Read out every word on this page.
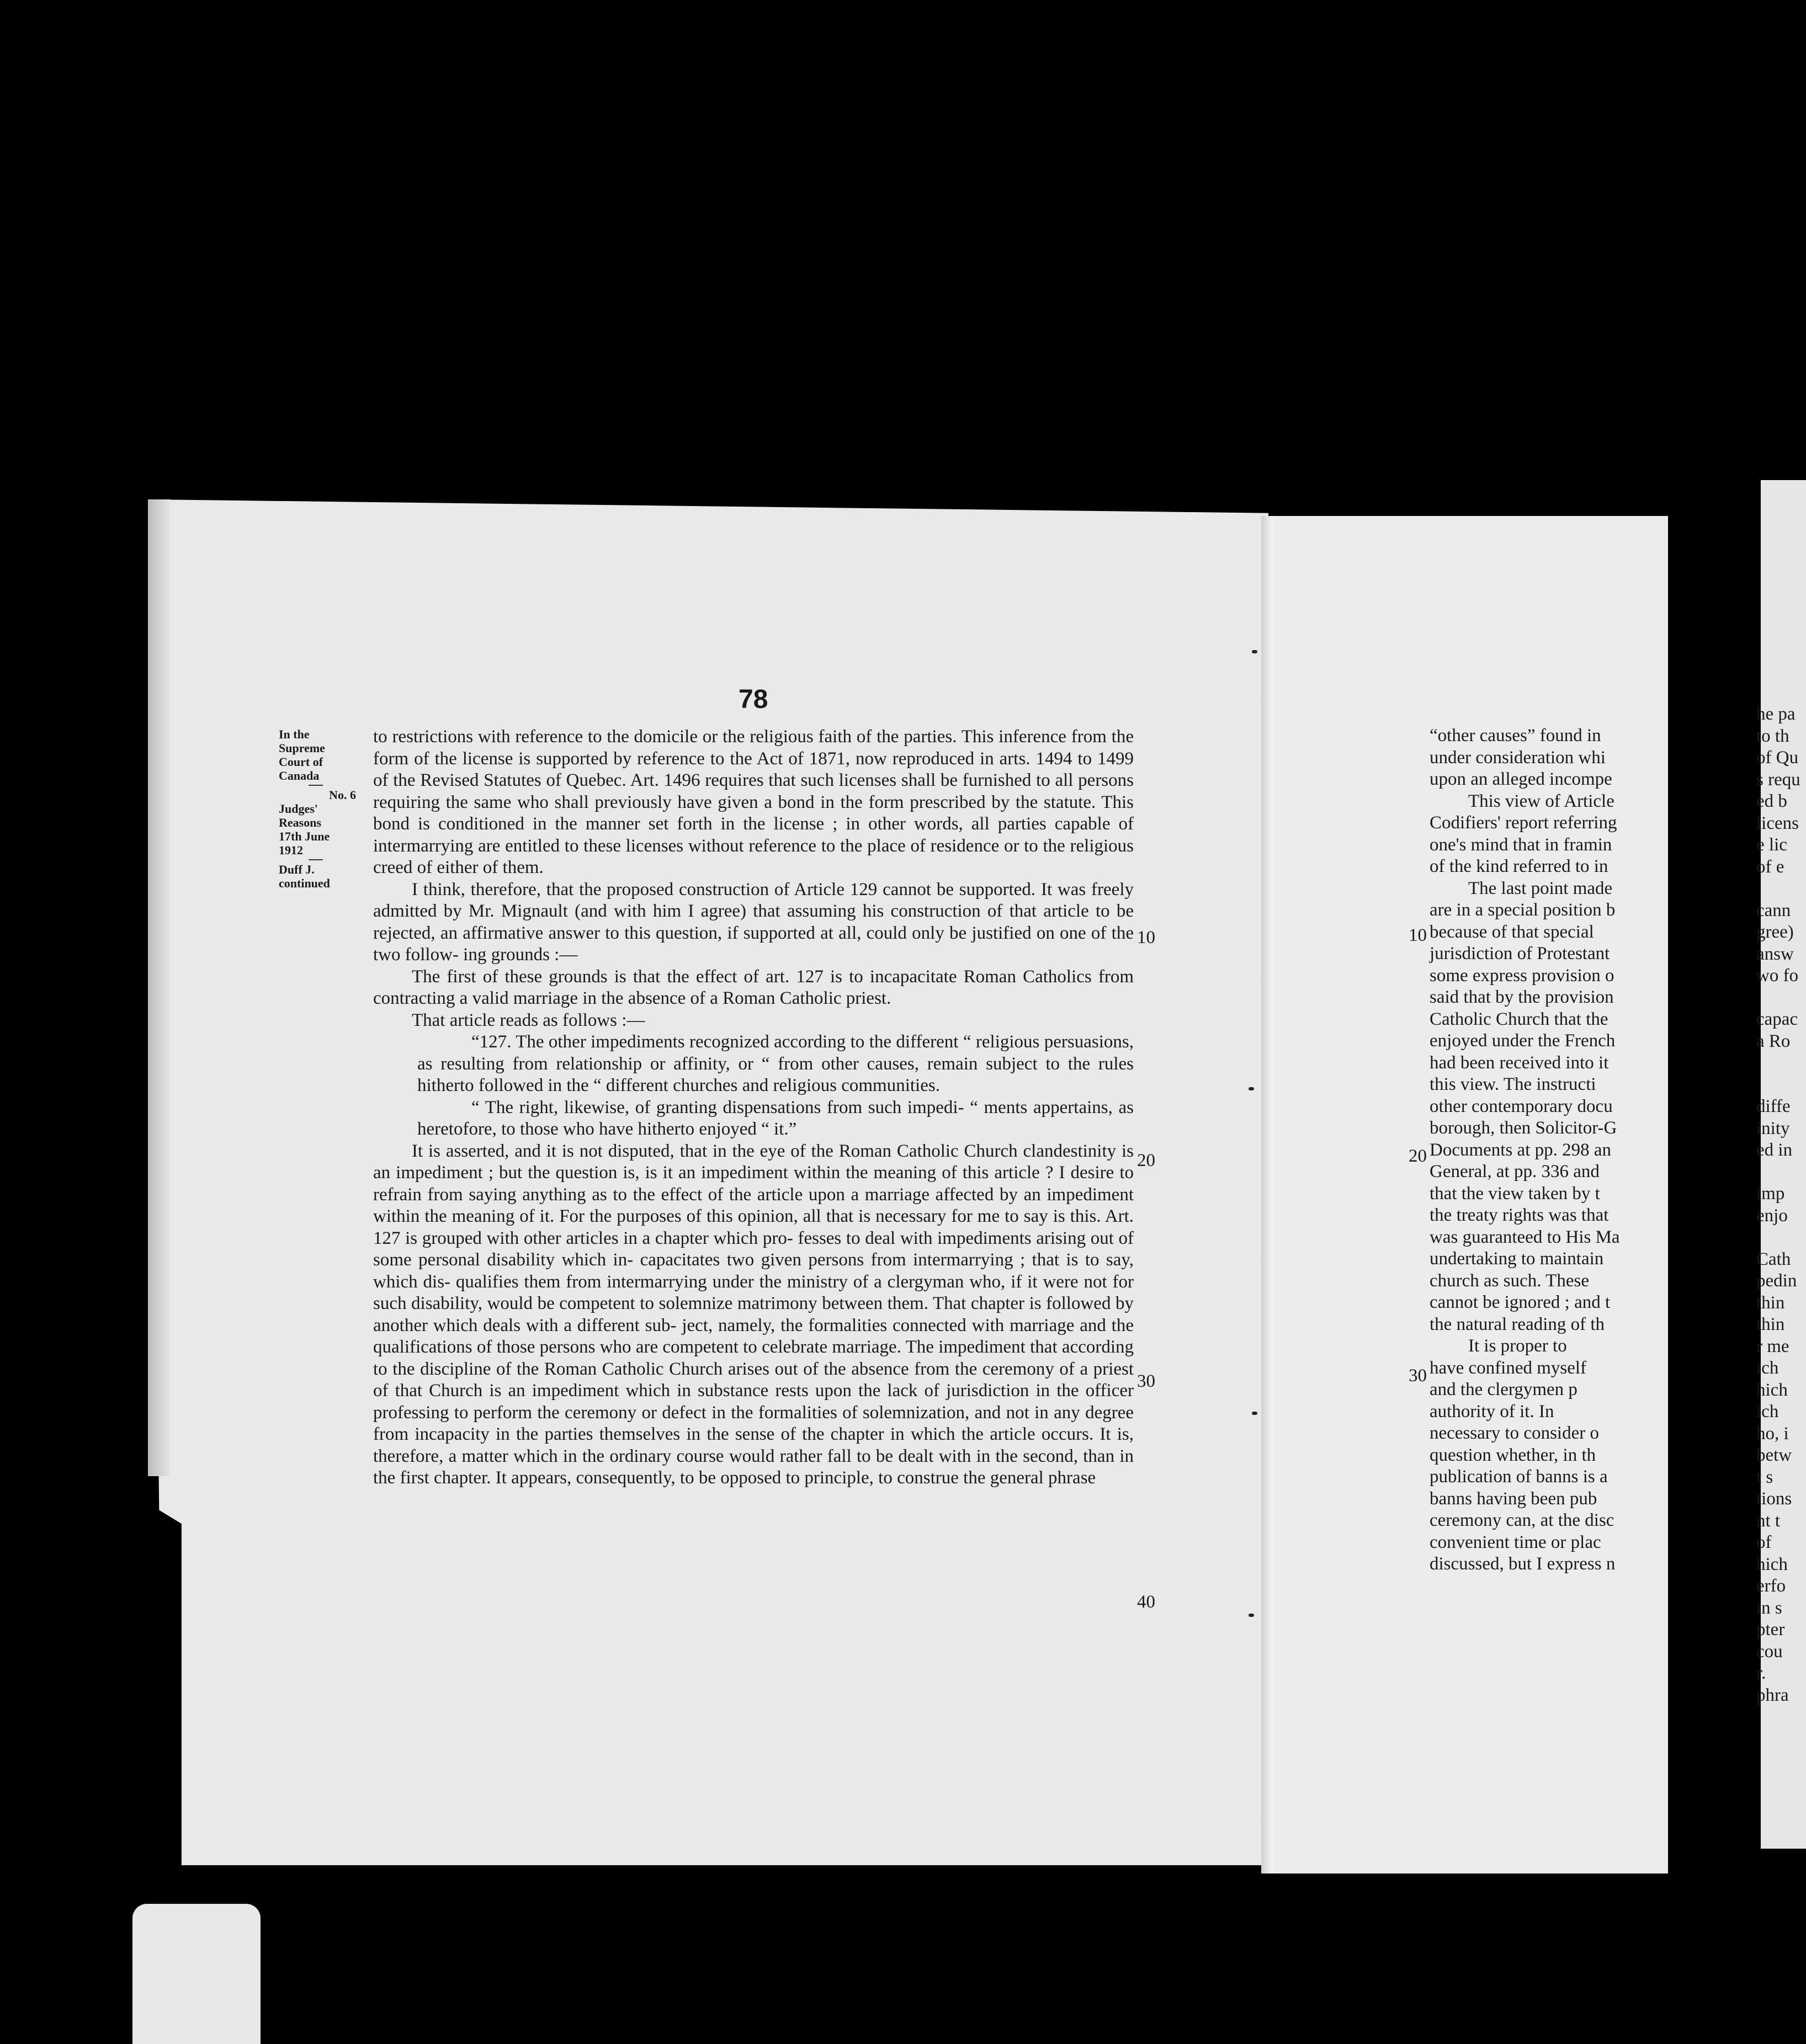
78
In the
Supreme
Court of
Canada
No. 6
Judges'
Reasons
17th June
1912
Duff J.
continued

to restrictions with reference to the domicile or the religious faith of the parties. This inference from the form of the license is supported by reference to the Act of 1871, now reproduced in arts. 1494 to 1499 of the Revised Statutes of Quebec. Art. 1496 requires that such licenses shall be furnished to all persons requiring the same who shall previously have given a bond in the form prescribed by the statute. This bond is conditioned in the manner set forth in the license ; in other words, all parties capable of intermarrying are entitled to these licenses without reference to the place of residence or to the religious creed of either of them.

I think, therefore, that the proposed construction of Article 129 cannot be supported. It was freely admitted by Mr. Mignault (and with him I agree) that assuming his construction of that article to be rejected, an affirmative answer to this question, if supported at all, could only be justified on one of the two follow- ing grounds :—

The first of these grounds is that the effect of art. 127 is to incapacitate Roman Catholics from contracting a valid marriage in the absence of a Roman Catholic priest.

That article reads as follows :—

“127. The other impediments recognized according to the different “ religious persuasions, as resulting from relationship or affinity, or “ from other causes, remain subject to the rules hitherto followed in the “ different churches and religious communities.

“ The right, likewise, of granting dispensations from such impedi- “ ments appertains, as heretofore, to those who have hitherto enjoyed “ it.”

It is asserted, and it is not disputed, that in the eye of the Roman Catholic Church clandestinity is an impediment ; but the question is, is it an impediment within the meaning of this article ? I desire to refrain from saying anything as to the effect of the article upon a marriage affected by an impediment within the meaning of it. For the purposes of this opinion, all that is necessary for me to say is this. Art. 127 is grouped with other articles in a chapter which pro- fesses to deal with impediments arising out of some personal disability which in- capacitates two given persons from intermarrying ; that is to say, which dis- qualifies them from intermarrying under the ministry of a clergyman who, if it were not for such disability, would be competent to solemnize matrimony between them. That chapter is followed by another which deals with a different sub- ject, namely, the formalities connected with marriage and the qualifications of those persons who are competent to celebrate marriage. The impediment that according to the discipline of the Roman Catholic Church arises out of the absence from the ceremony of a priest of that Church is an impediment which in substance rests upon the lack of jurisdiction in the officer professing to perform the ceremony or defect in the formalities of solemnization, and not in any degree from incapacity in the parties themselves in the sense of the chapter in which the article occurs. It is, therefore, a matter which in the ordinary course would rather fall to be dealt with in the second, than in the first chapter. It appears, consequently, to be opposed to principle, to construe the general phrase

10
20
30
40
10
20
30

“other causes” found in

under consideration whi

upon an alleged incompe

This view of Article

Codifiers' report referring

one's mind that in framin

of the kind referred to in

The last point made

are in a special position b

because of that special

jurisdiction of Protestant

some express provision o

said that by the provision

Catholic Church that the

enjoyed under the French

had been received into it

this view. The instructi

other contemporary docu

borough, then Solicitor-G

Documents at pp. 298 an

General, at pp. 336 and

that the view taken by t

the treaty rights was that

was guaranteed to His Ma

undertaking to maintain

church as such. These

cannot be ignored ; and t

the natural reading of th

It is proper to

have confined myself

and the clergymen p

authority of it. In

necessary to consider o

question whether, in th

publication of banns is a

banns having been pub

ceremony can, at the disc

convenient time or plac

discussed, but I express n

he pa

to th

of Qu

s requ

ed b

licens

e lic

of e

cann

gree)

answ

wo fo

capac

a Ro

diffe

inity

ed in

imp

enjo

Cath

pedin

thin

thin

r me

ich

hich

ich

ho, i

betw

t s

tions

nt t

of

hich

erfo

in s

pter

cou

r.

phra
